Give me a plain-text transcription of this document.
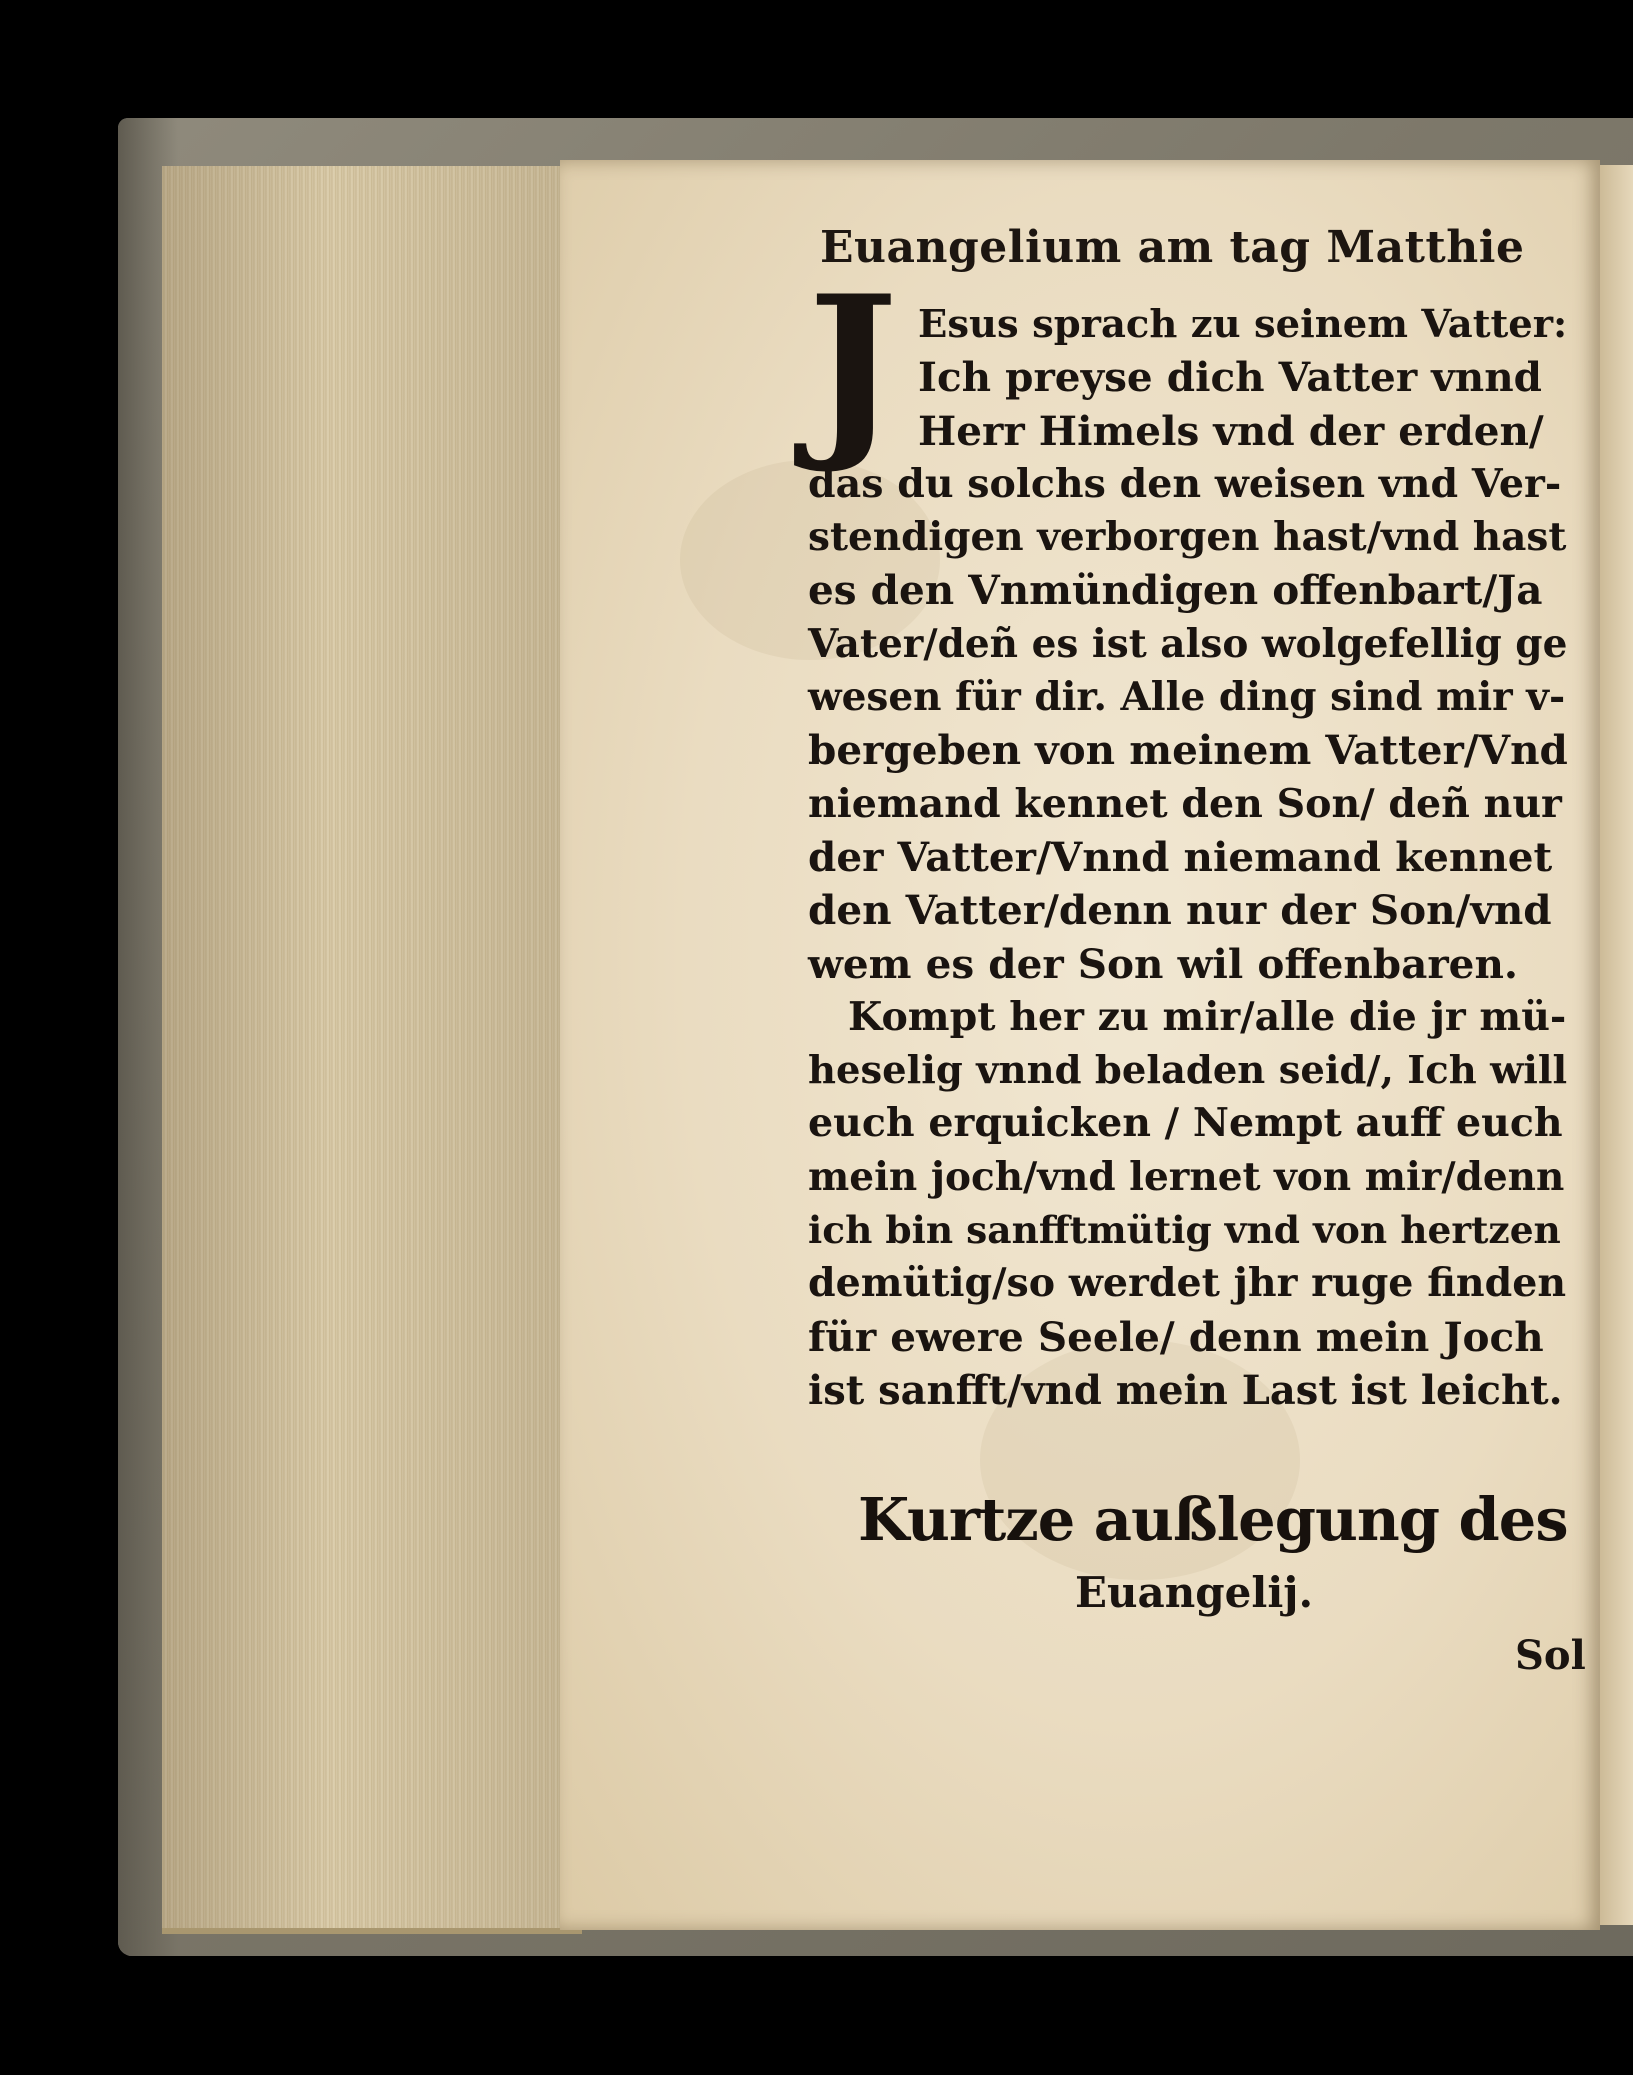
Euangelium am tag Matthie
J Esus sprach zu seinem Vatter:
Ich preyse dich Vatter vnnd
Herr Himels vnd der erden/
das du solchs den weisen vnd Ver-
stendigen verborgen hast/vnd hast
es den Vnmündigen offenbart/Ja
Vater/deñ es ist also wolgefellig ge
wesen für dir. Alle ding sind mir v-
bergeben von meinem Vatter/Vnd
niemand kennet den Son/ deñ nur
der Vatter/Vnnd niemand kennet
den Vatter/denn nur der Son/vnd
wem es der Son wil offenbaren.
Kompt her zu mir/alle die jr mü-
heselig vnnd beladen seid/, Ich will
euch erquicken / Nempt auff euch
mein joch/vnd lernet von mir/denn
ich bin sanfftmütig vnd von hertzen
demütig/so werdet jhr ruge finden
für ewere Seele/ denn mein Joch
ist sanfft/vnd mein Last ist leicht.
Kurtze außlegung des
Euangelij.
Sol
